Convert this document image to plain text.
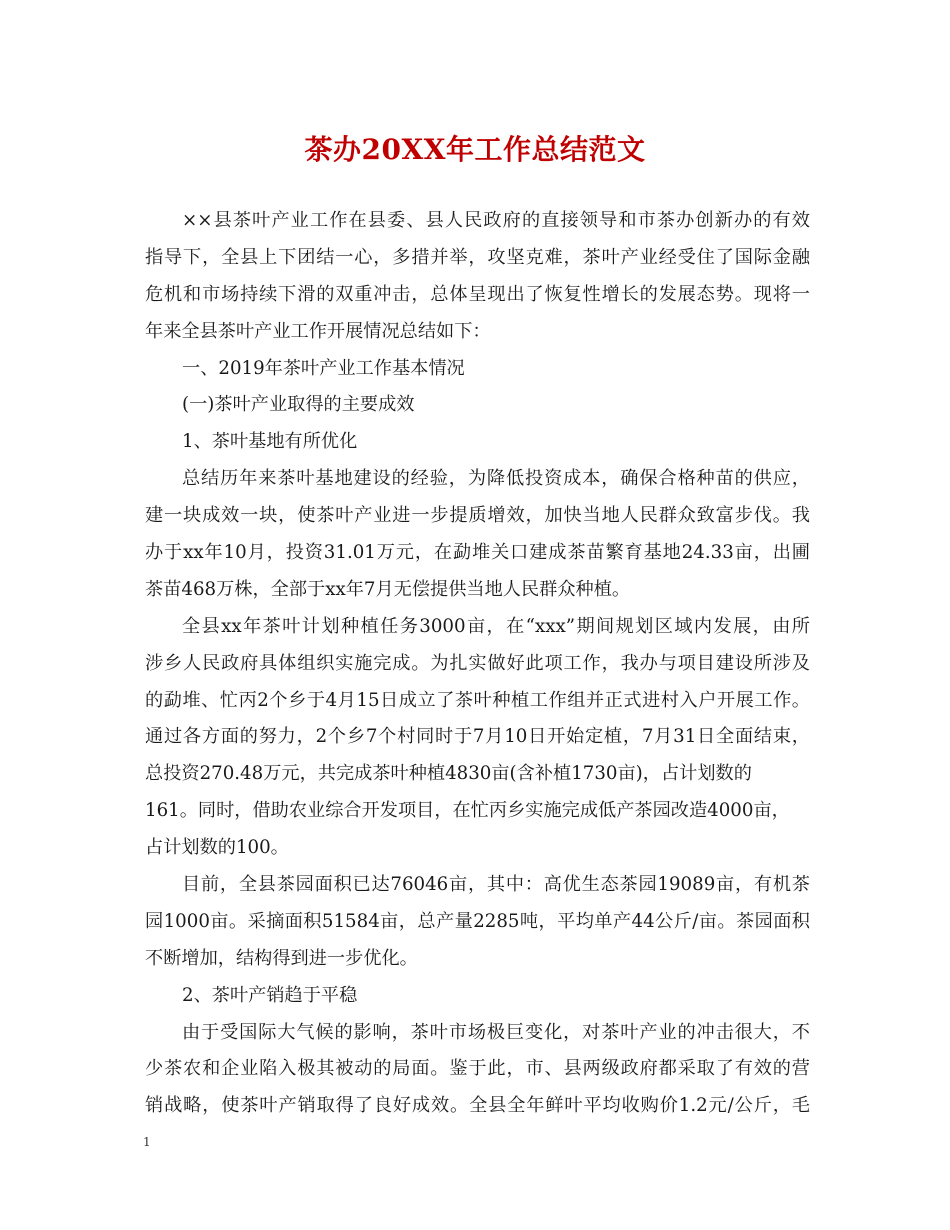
茶办20XX年工作总结范文
××县茶叶产业工作在县委、县人民政府的直接领导和市茶办创新办的有效
指导下，全县上下团结一心，多措并举，攻坚克难，茶叶产业经受住了国际金融
危机和市场持续下滑的双重冲击，总体呈现出了恢复性增长的发展态势。现将一
年来全县茶叶产业工作开展情况总结如下：
一、2019年茶叶产业工作基本情况
(一)茶叶产业取得的主要成效
1、茶叶基地有所优化
总结历年来茶叶基地建设的经验，为降低投资成本，确保合格种苗的供应，
建一块成效一块，使茶叶产业进一步提质增效，加快当地人民群众致富步伐。我
办于xx年10月，投资31.01万元，在勐堆关口建成茶苗繁育基地24.33亩，出圃
茶苗468万株，全部于xx年7月无偿提供当地人民群众种植。
全县xx年茶叶计划种植任务3000亩，在“xxx”期间规划区域内发展，由所
涉乡人民政府具体组织实施完成。为扎实做好此项工作，我办与项目建设所涉及
的勐堆、忙丙2个乡于4月15日成立了茶叶种植工作组并正式进村入户开展工作。
通过各方面的努力，2个乡7个村同时于7月10日开始定植，7月31日全面结束，
总投资270.48万元，共完成茶叶种植4830亩(含补植1730亩)，占计划数的
161。同时，借助农业综合开发项目，在忙丙乡实施完成低产茶园改造4000亩，
占计划数的100。
目前，全县茶园面积已达76046亩，其中：高优生态茶园19089亩，有机茶
园1000亩。采摘面积51584亩，总产量2285吨，平均单产44公斤/亩。茶园面积
不断增加，结构得到进一步优化。
2、茶叶产销趋于平稳
由于受国际大气候的影响，茶叶市场极巨变化，对茶叶产业的冲击很大，不
少茶农和企业陷入极其被动的局面。鉴于此，市、县两级政府都采取了有效的营
销战略，使茶叶产销取得了良好成效。全县全年鲜叶平均收购价1.2元/公斤，毛
1
